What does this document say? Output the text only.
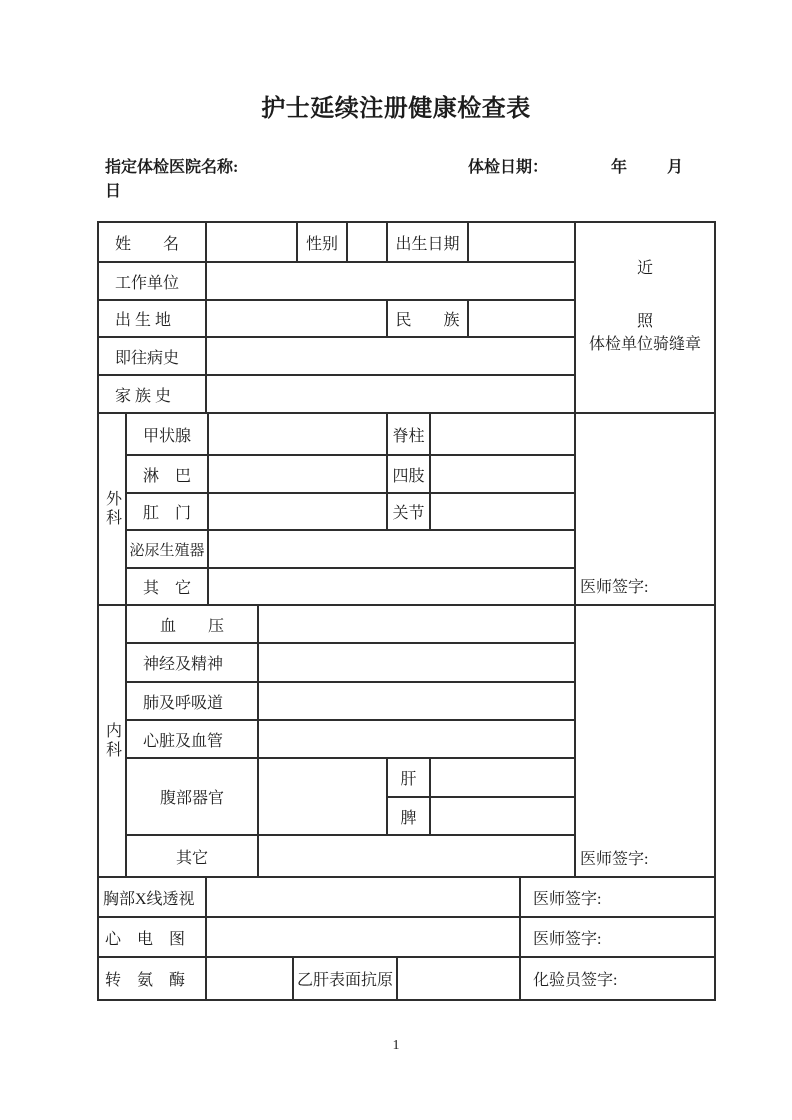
护士延续注册健康检查表
指定体检医院名称:	体检日期：	年 月
日
姓　　名		性别		出生日期		近
照
体检单位骑缝章

工作单位						
出 生 地				民　　族		
即往病史						
家 族 史						
外科	甲状腺		脊柱		医师签字:
	淋　巴		四肢		
	肛　门		关节		
	泌尿生殖器				
	其　它				
内科	血　　压				医师签字:
	神经及精神				
	肺及呼吸道				
	心脏及血管				
	腹部器官		肝		
			脾		
	其它				
胸部X线透视				医师签字:
心　电　图				医师签字:
转　氨　酶		乙肝表面抗原		化验员签字:
1
